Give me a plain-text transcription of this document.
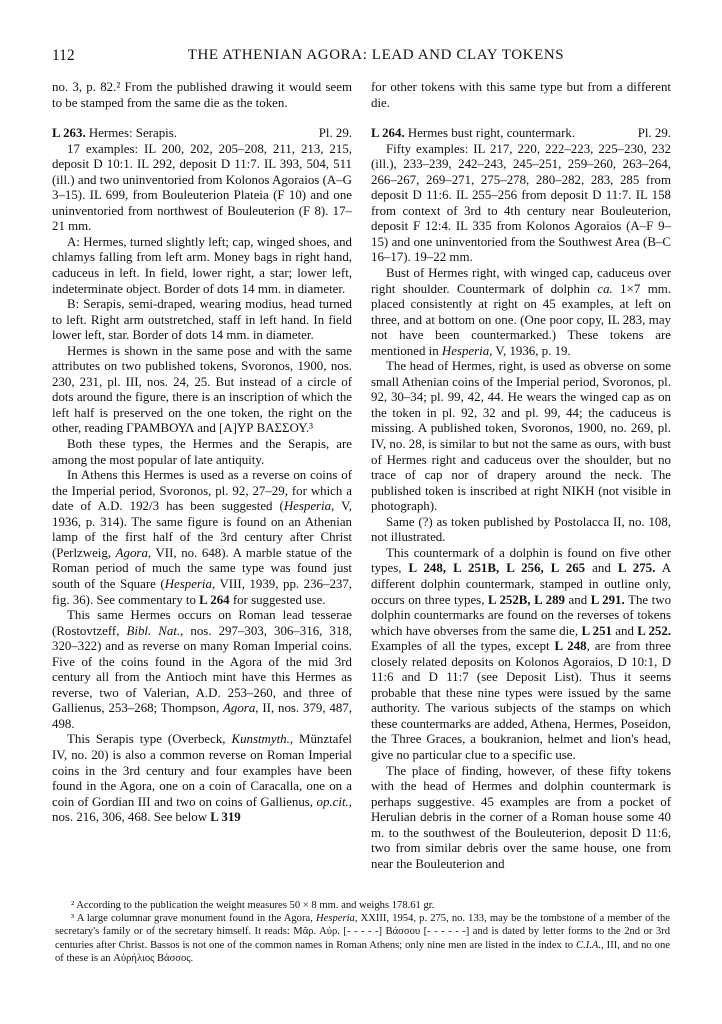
112	THE ATHENIAN AGORA: LEAD AND CLAY TOKENS

no. 3, p. 82.² From the published drawing it would seem to be stamped from the same die as the token.

L 263. Hermes: Serapis.	Pl. 29.

17 examples: IL 200, 202, 205–208, 211, 213, 215, deposit D 10:1. IL 292, deposit D 11:7. IL 393, 504, 511 (ill.) and two uninventoried from Kolonos Agoraios (A–G 3–15). IL 699, from Bouleuterion Plateia (F 10) and one uninventoried from northwest of Bouleuterion (F 8). 17–21 mm.

A: Hermes, turned slightly left; cap, winged shoes, and chlamys falling from left arm. Money bags in right hand, caduceus in left. In field, lower right, a star; lower left, indeterminate object. Border of dots 14 mm. in diameter.

B: Serapis, semi-draped, wearing modius, head turned to left. Right arm outstretched, staff in left hand. In field lower left, star. Border of dots 14 mm. in diameter.

Hermes is shown in the same pose and with the same attributes on two published tokens, Svoronos, 1900, nos. 230, 231, pl. III, nos. 24, 25. But instead of a circle of dots around the figure, there is an inscription of which the left half is preserved on the one token, the right on the other, reading ΓΡΑΜΒΟΥΛ and [Α]ΥΡ ΒΑΣΣΟΥ.³

Both these types, the Hermes and the Serapis, are among the most popular of late antiquity.

In Athens this Hermes is used as a reverse on coins of the Imperial period, Svoronos, pl. 92, 27–29, for which a date of A.D. 192/3 has been suggested (Hesperia, V, 1936, p. 314). The same figure is found on an Athenian lamp of the first half of the 3rd century after Christ (Perlzweig, Agora, VII, no. 648). A marble statue of the Roman period of much the same type was found just south of the Square (Hesperia, VIII, 1939, pp. 236–237, fig. 36). See commentary to L 264 for suggested use.

This same Hermes occurs on Roman lead tesserae (Rostovtzeff, Bibl. Nat., nos. 297–303, 306–316, 318, 320–322) and as reverse on many Roman Imperial coins. Five of the coins found in the Agora of the mid 3rd century all from the Antioch mint have this Hermes as reverse, two of Valerian, A.D. 253–260, and three of Gallienus, 253–268; Thompson, Agora, II, nos. 379, 487, 498.

This Serapis type (Overbeck, Kunstmyth., Münztafel IV, no. 20) is also a common reverse on Roman Imperial coins in the 3rd century and four examples have been found in the Agora, one on a coin of Caracalla, one on a coin of Gordian III and two on coins of Gallienus, op.cit., nos. 216, 306, 468. See below L 319

for other tokens with this same type but from a different die.

L 264. Hermes bust right, countermark.	Pl. 29.

Fifty examples: IL 217, 220, 222–223, 225–230, 232 (ill.), 233–239, 242–243, 245–251, 259–260, 263–264, 266–267, 269–271, 275–278, 280–282, 283, 285 from deposit D 11:6. IL 255–256 from deposit D 11:7. IL 158 from context of 3rd to 4th century near Bouleuterion, deposit F 12:4. IL 335 from Kolonos Agoraios (A–F 9–15) and one uninventoried from the Southwest Area (B–C 16–17). 19–22 mm.

Bust of Hermes right, with winged cap, caduceus over right shoulder. Countermark of dolphin ca. 1×7 mm. placed consistently at right on 45 examples, at left on three, and at bottom on one. (One poor copy, IL 283, may not have been countermarked.) These tokens are mentioned in Hesperia, V, 1936, p. 19.

The head of Hermes, right, is used as obverse on some small Athenian coins of the Imperial period, Svoronos, pl. 92, 30–34; pl. 99, 42, 44. He wears the winged cap as on the token in pl. 92, 32 and pl. 99, 44; the caduceus is missing. A published token, Svoronos, 1900, no. 269, pl. IV, no. 28, is similar to but not the same as ours, with bust of Hermes right and caduceus over the shoulder, but no trace of cap nor of drapery around the neck. The published token is inscribed at right ΝΙΚΗ (not visible in photograph).

Same (?) as token published by Postolacca II, no. 108, not illustrated.

This countermark of a dolphin is found on five other types, L 248, L 251B, L 256, L 265 and L 275. A different dolphin countermark, stamped in outline only, occurs on three types, L 252B, L 289 and L 291. The two dolphin countermarks are found on the reverses of tokens which have obverses from the same die, L 251 and L 252. Examples of all the types, except L 248, are from three closely related deposits on Kolonos Agoraios, D 10:1, D 11:6 and D 11:7 (see Deposit List). Thus it seems probable that these nine types were issued by the same authority. The various subjects of the stamps on which these countermarks are added, Athena, Hermes, Poseidon, the Three Graces, a boukranion, helmet and lion's head, give no particular clue to a specific use.

The place of finding, however, of these fifty tokens with the head of Hermes and dolphin countermark is perhaps suggestive. 45 examples are from a pocket of Herulian debris in the corner of a Roman house some 40 m. to the southwest of the Bouleuterion, deposit D 11:6, two from similar debris over the same house, one from near the Bouleuterion and

² According to the publication the weight measures 50 × 8 mm. and weighs 178.61 gr.

³ A large columnar grave monument found in the Agora, Hesperia, XXIII, 1954, p. 275, no. 133, may be the tombstone of a member of the secretary's family or of the secretary himself. It reads: Μᾶρ. Αὐρ. [- - - - -] Βάσσου [- - - - - -] and is dated by letter forms to the 2nd or 3rd centuries after Christ. Bassos is not one of the common names in Roman Athens; only nine men are listed in the index to C.I.A., III, and no one of these is an Αὐρήλιος Βάσσος.
